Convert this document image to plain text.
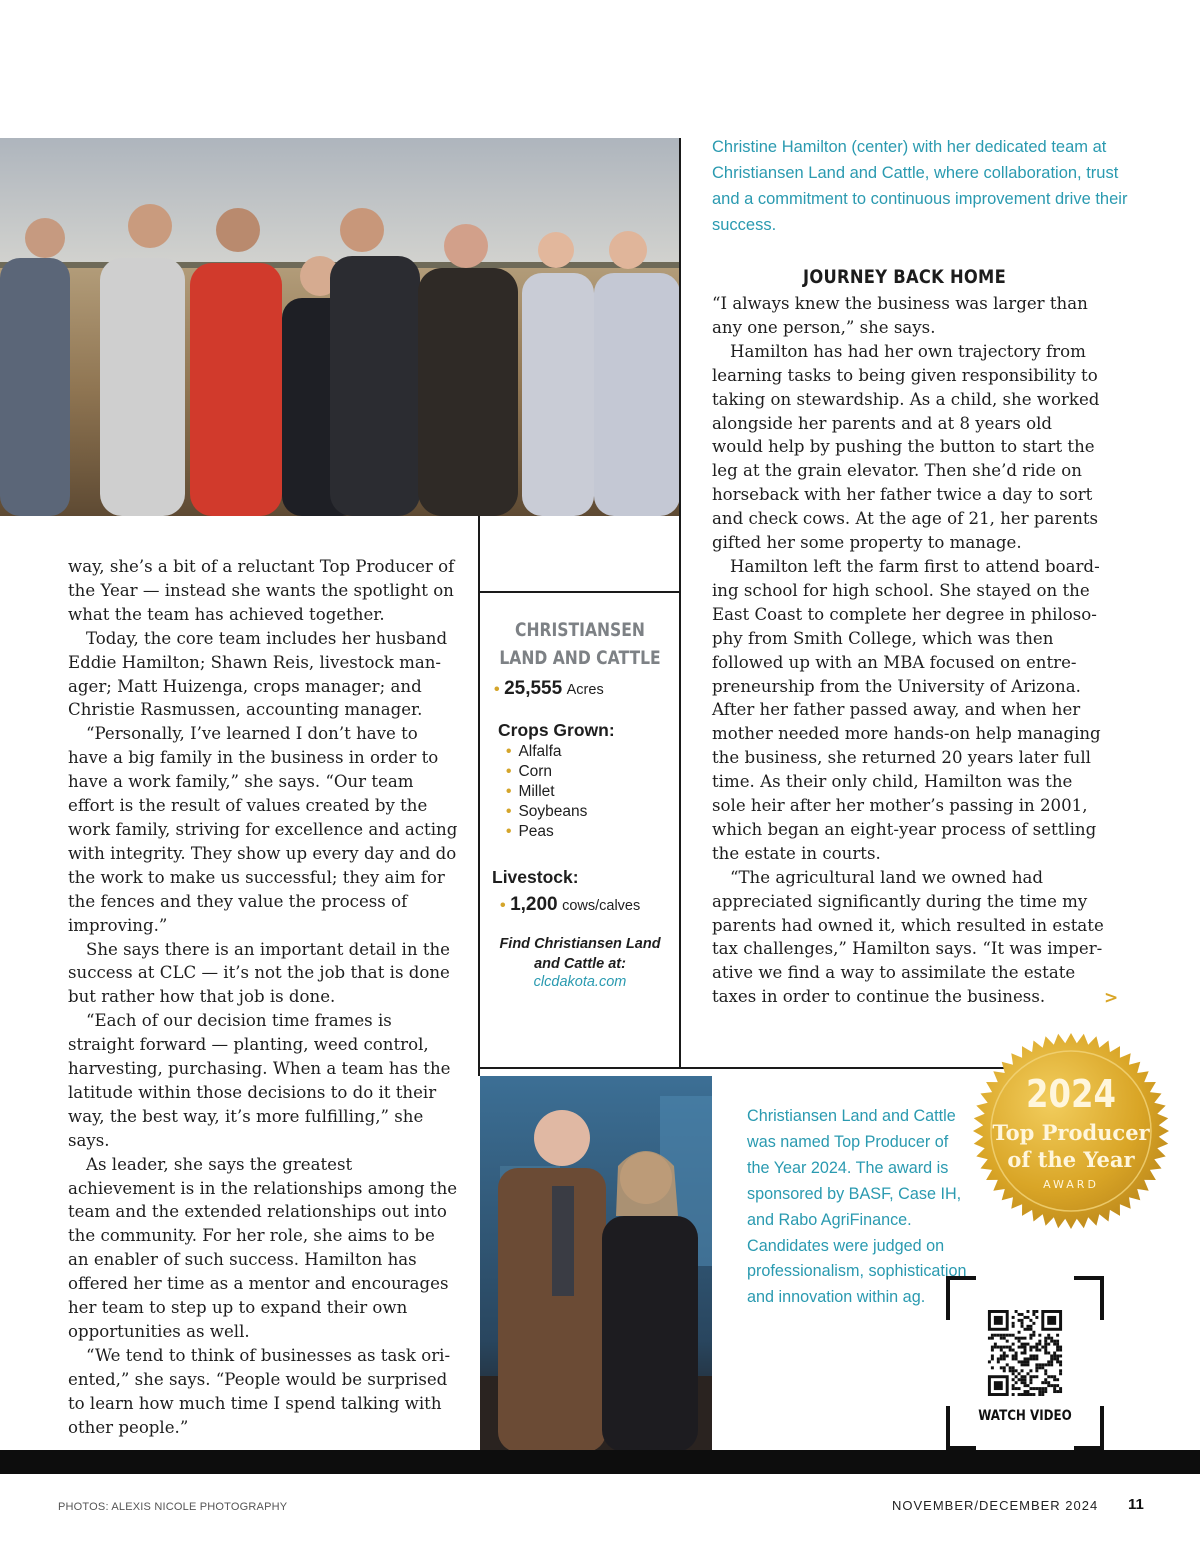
Christine Hamilton (center) with her dedicated team at Christiansen Land and Cattle, where collaboration, trust and a commitment to continuous improvement drive their success.
JOURNEY BACK HOME

“I always knew the business was larger than any one person,” she says.

Hamilton has had her own trajectory from learning tasks to being given responsibility to taking on stewardship. As a child, she worked alongside her parents and at 8 years old would help by pushing the button to start the leg at the grain elevator. Then she’d ride on horseback with her father twice a day to sort and check cows. At the age of 21, her parents gifted her some property to manage.

Hamilton left the farm first to attend boarding school for high school. She stayed on the East Coast to complete her degree in philosophy from Smith College, which was then followed up with an MBA focused on entrepreneurship from the University of Arizona. After her father passed away, and when her mother needed more hands-on help managing the business, she returned 20 years later full time. As their only child, Hamilton was the sole heir after her mother’s passing in 2001, which began an eight-year process of settling the estate in courts.

“The agricultural land we owned had appreciated significantly during the time my parents had owned it, which resulted in estate tax challenges,” Hamilton says. “It was imperative we find a way to assimilate the estate taxes in order to continue the business.	>

way, she’s a bit of a reluctant Top Producer of the Year — instead she wants the spotlight on what the team has achieved together.

Today, the core team includes her husband Eddie Hamilton; Shawn Reis, livestock manager; Matt Huizenga, crops manager; and Christie Rasmussen, accounting manager.

“Personally, I’ve learned I don’t have to have a big family in the business in order to have a work family,” she says. “Our team effort is the result of values created by the work family, striving for excellence and acting with integrity. They show up every day and do the work to make us successful; they aim for the fences and they value the process of improving.”

She says there is an important detail in the success at CLC — it’s not the job that is done but rather how that job is done.

“Each of our decision time frames is straight forward — planting, weed control, harvesting, purchasing. When a team has the latitude within those decisions to do it their way, the best way, it’s more fulfilling,” she says.

As leader, she says the greatest achievement is in the relationships among the team and the extended relationships out into the community. For her role, she aims to be an enabler of such success. Hamilton has offered her time as a mentor and encourages her team to step up to expand their own opportunities as well.

“We tend to think of businesses as task oriented,” she says. “People would be surprised to learn how much time I spend talking with other people.”

CHRISTIANSEN
LAND AND CATTLE
• 25,555 Acres
Crops Grown:
• Alfalfa
• Corn
• Millet
• Soybeans
• Peas
Livestock:
• 1,200 cows/calves
Find Christiansen Land and Cattle at:
clcdakota.com
Christiansen Land and Cattle was named Top Producer of the Year 2024. The award is sponsored by BASF, Case IH, and Rabo AgriFinance. Candidates were judged on professionalism, sophistication and innovation within ag.
2024
Top Producer
of the Year
AWARD
WATCH VIDEO
PHOTOS: ALEXIS NICOLE PHOTOGRAPHY	NOVEMBER/DECEMBER 2024 11
